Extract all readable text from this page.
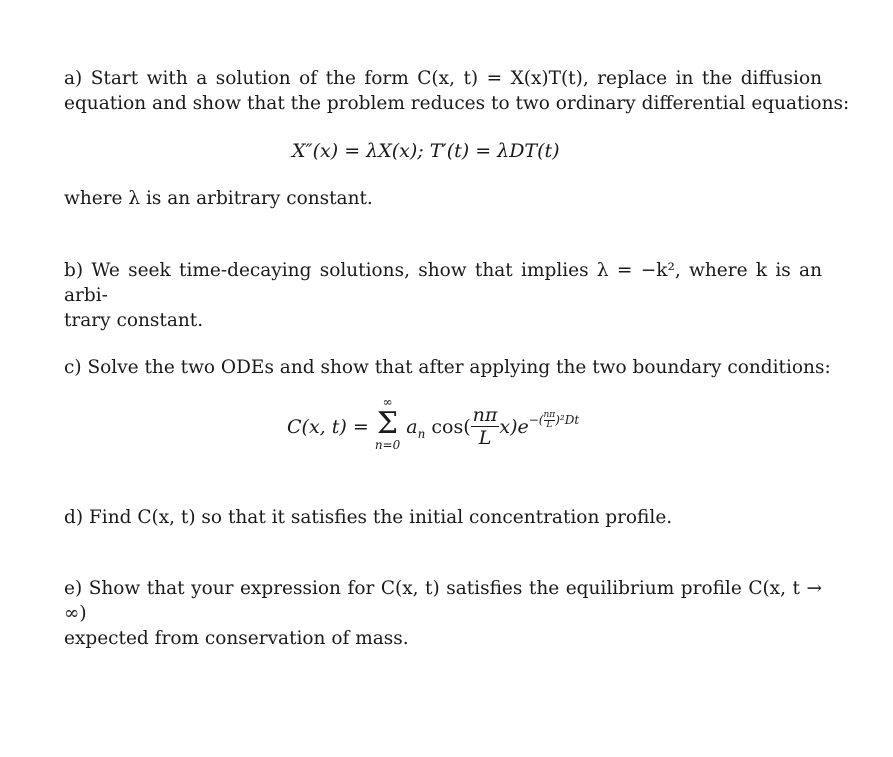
a) Start with a solution of the form C(x, t) = X(x)T(t), replace in the diffusion
equation and show that the problem reduces to two ordinary differential equations:
X″(x) = λX(x); T′(t) = λDT(t)
where λ is an arbitrary constant.
b) We seek time-decaying solutions, show that implies λ = −k², where k is an arbi-
trary constant.
c) Solve the two ODEs and show that after applying the two boundary conditions:
C(x, t) =
∞
Σ
n=0
$a_n$ $\cos( \frac{n\pi}{L} x)e^{-( \frac{n\pi}{L} )^2Dt}$
d) Find C(x, t) so that it satisfies the initial concentration profile.
e) Show that your expression for C(x, t) satisfies the equilibrium profile C(x, t → ∞)
expected from conservation of mass.
